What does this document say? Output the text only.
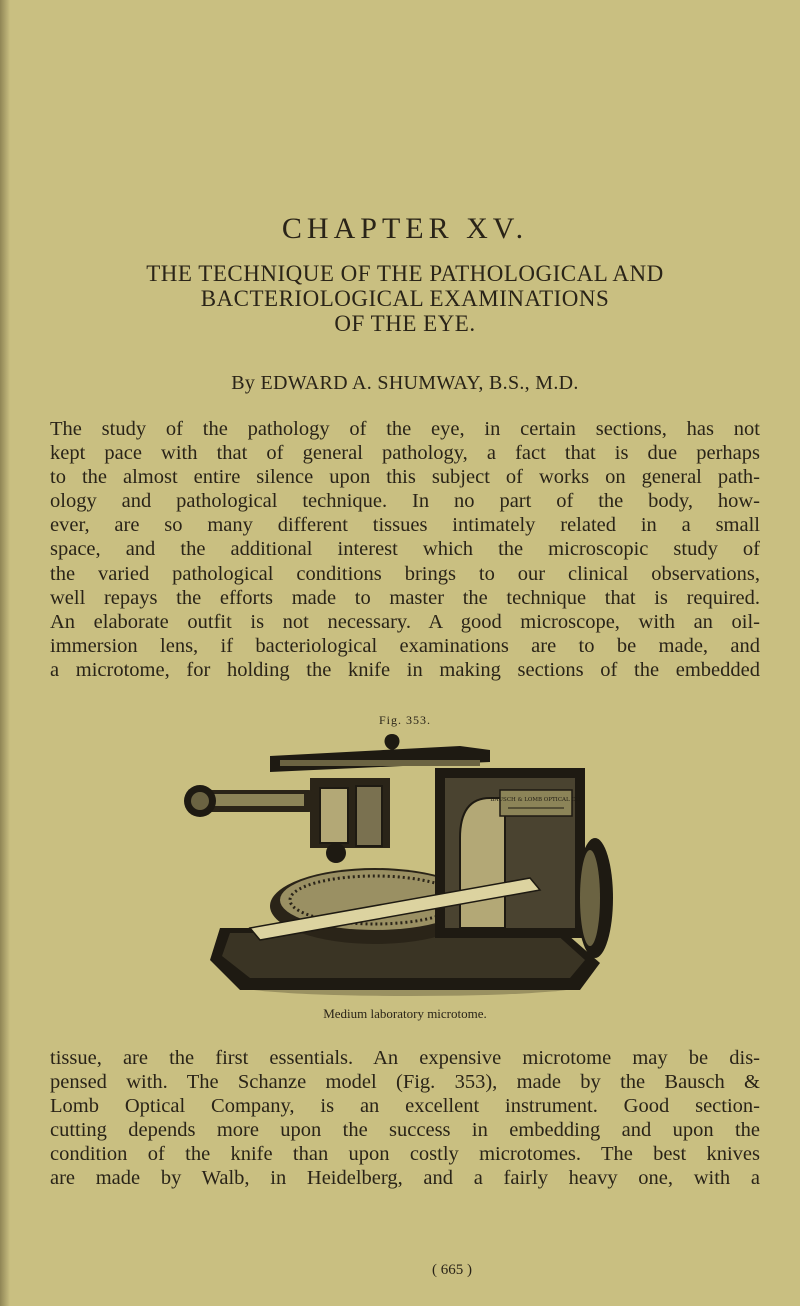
CHAPTER XV.
THE TECHNIQUE OF THE PATHOLOGICAL AND
BACTERIOLOGICAL EXAMINATIONS
OF THE EYE.
By EDWARD A. SHUMWAY, B.S., M.D.

The study of the pathology of the eye, in certain sections, has not
kept pace with that of general pathology, a fact that is due perhaps
to the almost entire silence upon this subject of works on general path-
ology and pathological technique. In no part of the body, how-
ever, are so many different tissues intimately related in a small
space, and the additional interest which the microscopic study of
the varied pathological conditions brings to our clinical observations,
well repays the efforts made to master the technique that is required.
An elaborate outfit is not necessary. A good microscope, with an oil-
immersion lens, if bacteriological examinations are to be made, and
a microtome, for holding the knife in making sections of the embedded

Fig. 353.
BAUSCH & LOMB OPTICAL CO.
Medium laboratory microtome.

tissue, are the first essentials. An expensive microtome may be dis-
pensed with. The Schanze model (Fig. 353), made by the Bausch &
Lomb Optical Company, is an excellent instrument. Good section-
cutting depends more upon the success in embedding and upon the
condition of the knife than upon costly microtomes. The best knives
are made by Walb, in Heidelberg, and a fairly heavy one, with a

( 665 )
